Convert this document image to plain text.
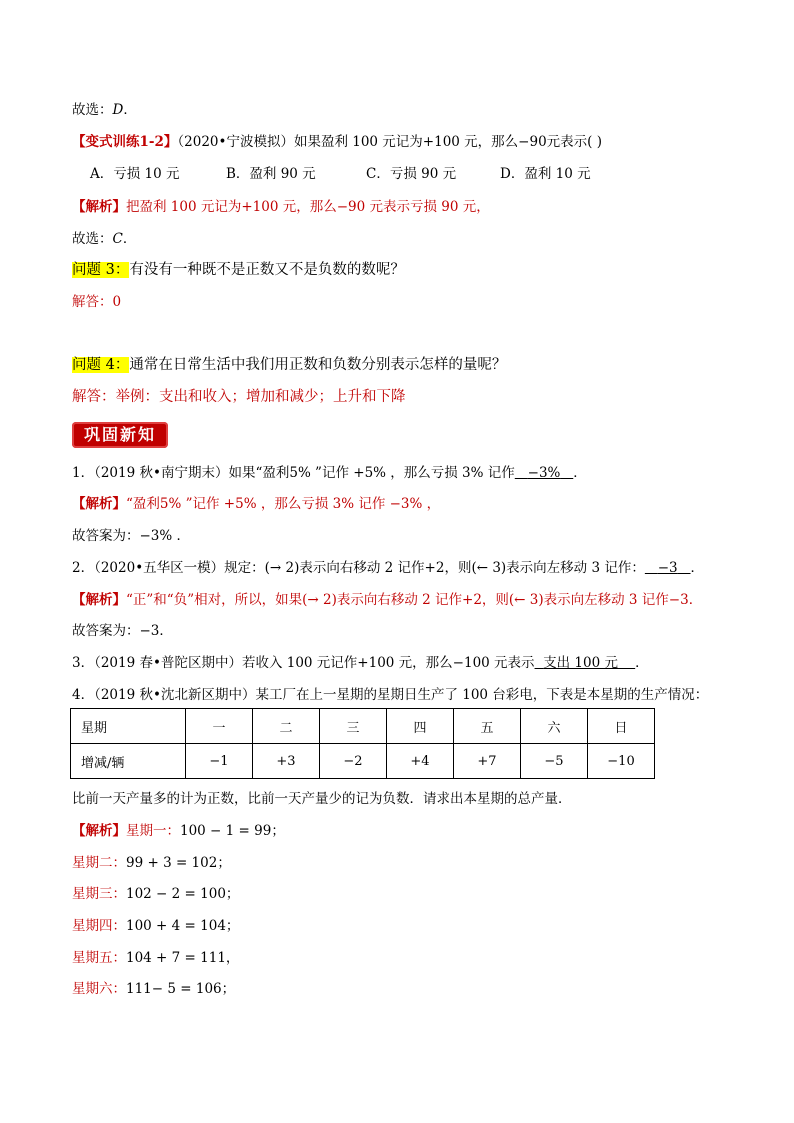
故选：D．
【变式训练1-2】（2020•宁波模拟）如果盈利 100 元记为+100 元，那么−90元表示( )
A．亏损 10 元	B．盈利 90 元	C．亏损 90 元	D．盈利 10 元
【解析】把盈利 100 元记为+100 元，那么−90 元表示亏损 90 元，
故选：C．
问题 3：有没有一种既不是正数又不是负数的数呢？
解答：0
问题 4：通常在日常生活中我们用正数和负数分别表示怎样的量呢？
解答：举例：支出和收入；增加和减少；上升和下降
巩固新知
1．（2019 秋•南宁期末）如果“盈利5% ”记作 +5% ，那么亏损 3% 记作 −3% ．
【解析】“盈利5% ”记作 +5% ，那么亏损 3% 记作 −3% ，
故答案为：−3% ．
2．（2020•五华区一模）规定：(→ 2)表示向右移动 2 记作+2，则(← 3)表示向左移动 3 记作： −3 ．
【解析】“正”和“负”相对，所以，如果(→ 2)表示向右移动 2 记作+2，则(← 3)表示向左移动 3 记作−3．
故答案为：−3．
3．（2019 春•普陀区期中）若收入 100 元记作+100 元，那么−100 元表示 支出 100 元 ．
4．（2019 秋•沈北新区期中）某工厂在上一星期的星期日生产了 100 台彩电，下表是本星期的生产情况：
星期	一	二	三	四	五	六	日
增减/辆	−1	+3	−2	+4	+7	−5	−10
比前一天产量多的计为正数，比前一天产量少的记为负数．请求出本星期的总产量．
【解析】星期一：100 − 1 = 99；
星期二：99 + 3 = 102；
星期三：102 − 2 = 100；
星期四：100 + 4 = 104；
星期五：104 + 7 = 111，
星期六：111− 5 = 106；
